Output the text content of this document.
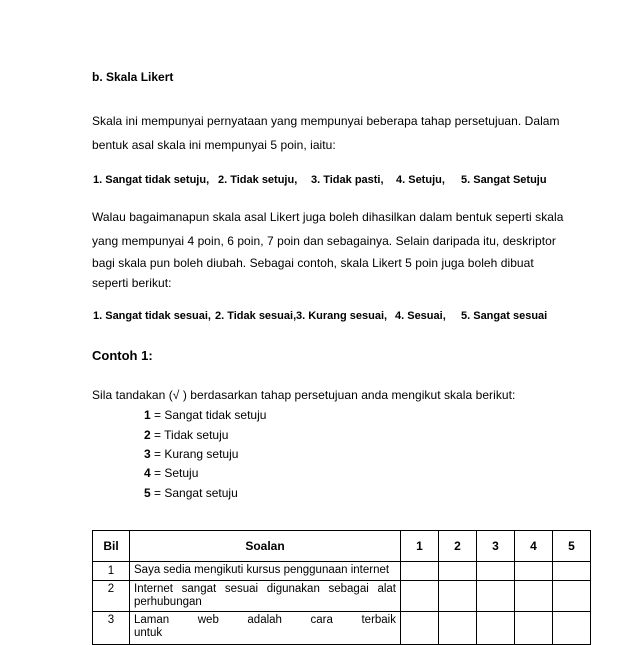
b. Skala Likert
Skala ini mempunyai pernyataan yang mempunyai beberapa tahap persetujuan. Dalam
bentuk asal skala ini mempunyai 5 poin, iaitu:
1. Sangat tidak setuju, 2. Tidak setuju, 3. Tidak pasti, 4. Setuju, 5. Sangat Setuju
Walau bagaimanapun skala asal Likert juga boleh dihasilkan dalam bentuk seperti skala
yang mempunyai 4 poin, 6 poin, 7 poin dan sebagainya. Selain daripada itu, deskriptor
bagi skala pun boleh diubah. Sebagai contoh, skala Likert 5 poin juga boleh dibuat
seperti berikut:
1. Sangat tidak sesuai, 2. Tidak sesuai, 3. Kurang sesuai, 4. Sesuai, 5. Sangat sesuai
Contoh 1:
Sila tandakan (√ ) berdasarkan tahap persetujuan anda mengikut skala berikut:
1 = Sangat tidak setuju
2 = Tidak setuju
3 = Kurang setuju
4 = Setuju
5 = Sangat setuju
Bil	Soalan	1	2	3	4	5
1	Saya sedia mengikuti kursus penggunaan internet					
2	Internet sangat sesuai digunakan sebagai alat perhubungan					
3	Laman web adalah cara terbaik untuk					
